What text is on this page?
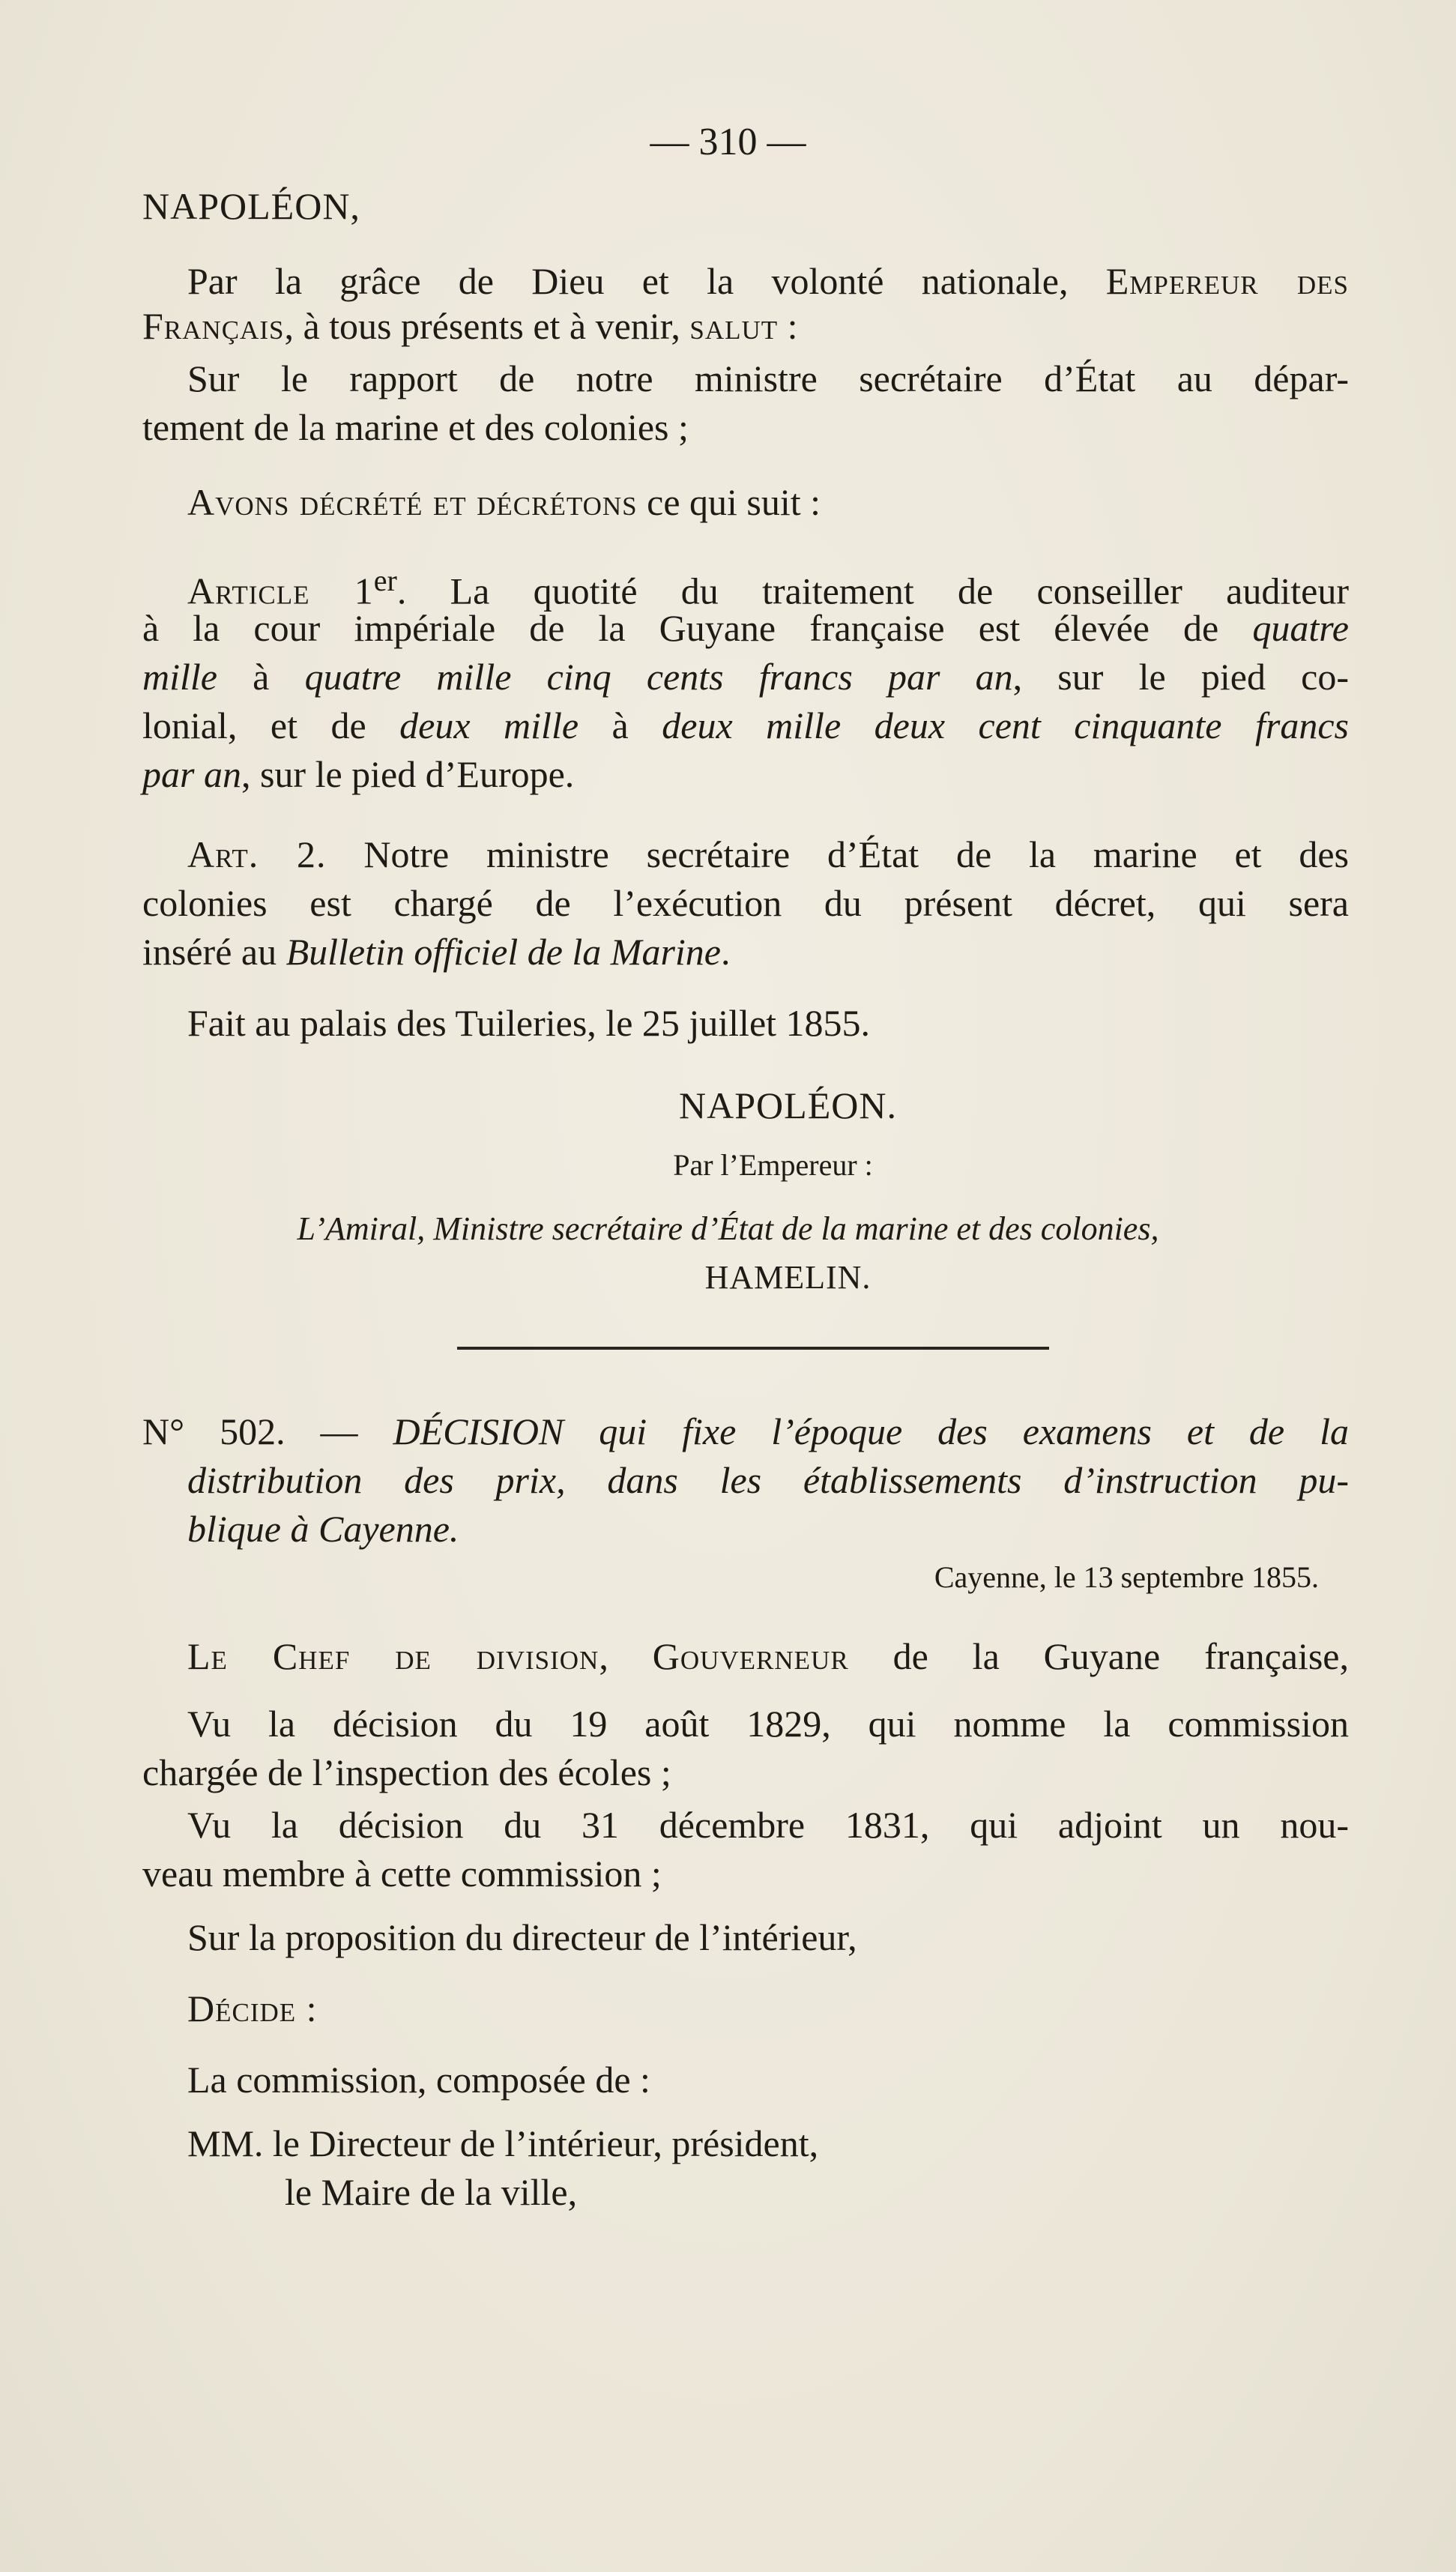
— 310 —
NAPOLÉON,
Par la grâce de Dieu et la volonté nationale, Empereur des
Français, à tous présents et à venir, salut :
Sur le rapport de notre ministre secrétaire d’État au dépar-
tement de la marine et des colonies ;
Avons décrété et décrétons ce qui suit :
Article 1er. La quotité du traitement de conseiller auditeur
à la cour impériale de la Guyane française est élevée de quatre
mille à quatre mille cinq cents francs par an, sur le pied co-
lonial, et de deux mille à deux mille deux cent cinquante francs
par an, sur le pied d’Europe.
Art. 2. Notre ministre secrétaire d’État de la marine et des
colonies est chargé de l’exécution du présent décret, qui sera
inséré au Bulletin officiel de la Marine.
Fait au palais des Tuileries, le 25 juillet 1855.
NAPOLÉON.
Par l’Empereur :
L’Amiral, Ministre secrétaire d’État de la marine et des colonies,
HAMELIN.
N° 502. — DÉCISION qui fixe l’époque des examens et de la
distribution des prix, dans les établissements d’instruction pu-
blique à Cayenne.
Cayenne, le 13 septembre 1855.
Le Chef de division, Gouverneur de la Guyane française,
Vu la décision du 19 août 1829, qui nomme la commission
chargée de l’inspection des écoles ;
Vu la décision du 31 décembre 1831, qui adjoint un nou-
veau membre à cette commission ;
Sur la proposition du directeur de l’intérieur,
Décide :
La commission, composée de :
MM. le Directeur de l’intérieur, président,
le Maire de la ville,
